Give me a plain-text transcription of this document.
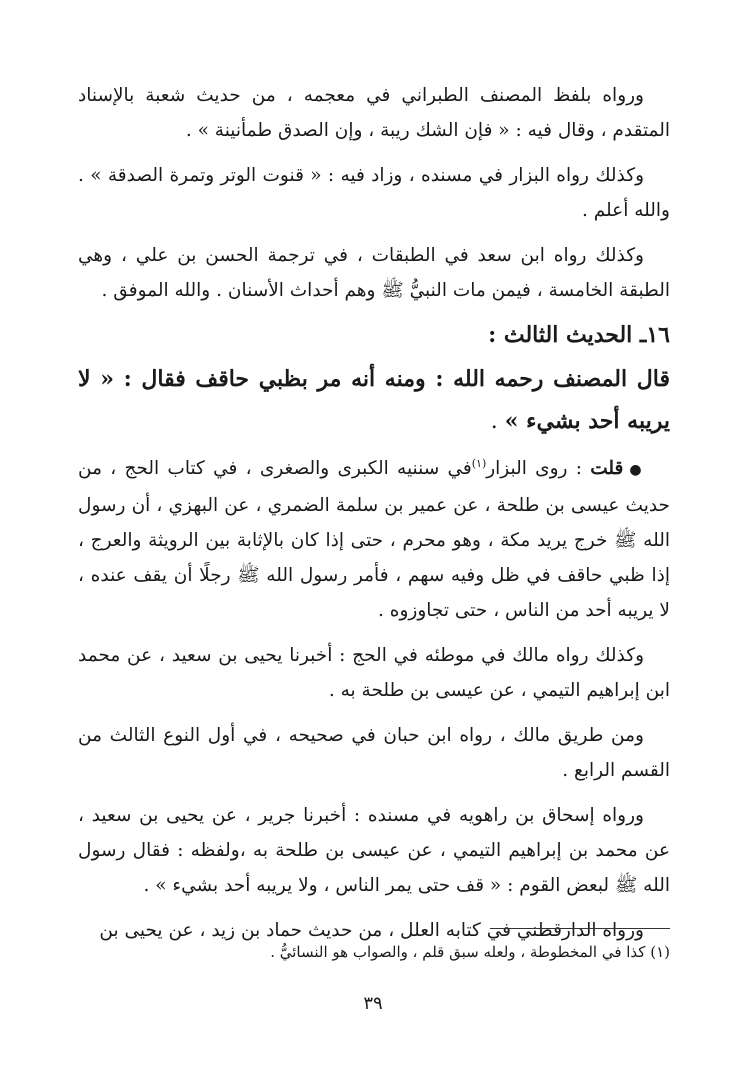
ورواه بلفظ المصنف الطبراني في معجمه ، من حديث شعبة بالإسناد المتقدم ، وقال فيه : « فإن الشك ريبة ، وإن الصدق طمأنينة » .

وكذلك رواه البزار في مسنده ، وزاد فيه : « قنوت الوتر وتمرة الصدقة » . والله أعلم .

وكذلك رواه ابن سعد في الطبقات ، في ترجمة الحسن بن علي ، وهي الطبقة الخامسة ، فيمن مات النبيُّ ﷺ وهم أحداث الأسنان . والله الموفق .

١٦ـ الحديث الثالث :

قال المصنف رحمه الله : ومنه أنه مر بظبي حاقف فقال : « لا يريبه أحد بشيء » .

●قلت : روى البزار$^{(١)}$في سننيه الكبرى والصغرى ، في كتاب الحج ، من حديث عيسى بن طلحة ، عن عمير بن سلمة الضمري ، عن البهزي ، أن رسول الله ﷺ خرج يريد مكة ، وهو محرم ، حتى إذا كان بالإثابة بين الرويثة والعرج ، إذا ظبي حاقف في ظل وفيه سهم ، فأمر رسول الله ﷺ رجلًا أن يقف عنده ، لا يريبه أحد من الناس ، حتى تجاوزوه .

وكذلك رواه مالك في موطئه في الحج : أخبرنا يحيى بن سعيد ، عن محمد ابن إبراهيم التيمي ، عن عيسى بن طلحة به .

ومن طريق مالك ، رواه ابن حبان في صحيحه ، في أول النوع الثالث من القسم الرابع .

ورواه إسحاق بن راهويه في مسنده : أخبرنا جرير ، عن يحيى بن سعيد ، عن محمد بن إبراهيم التيمي ، عن عيسى بن طلحة به ،ولفظه : فقال رسول الله ﷺ لبعض القوم : « قف حتى يمر الناس ، ولا يريبه أحد بشيء » .

ورواه الدارقطني في كتابه العلل ، من حديث حماد بن زيد ، عن يحيى بن

(١) كذا في المخطوطة ، ولعله سبق قلم ، والصواب هو النسائيُّ .
٣٩
